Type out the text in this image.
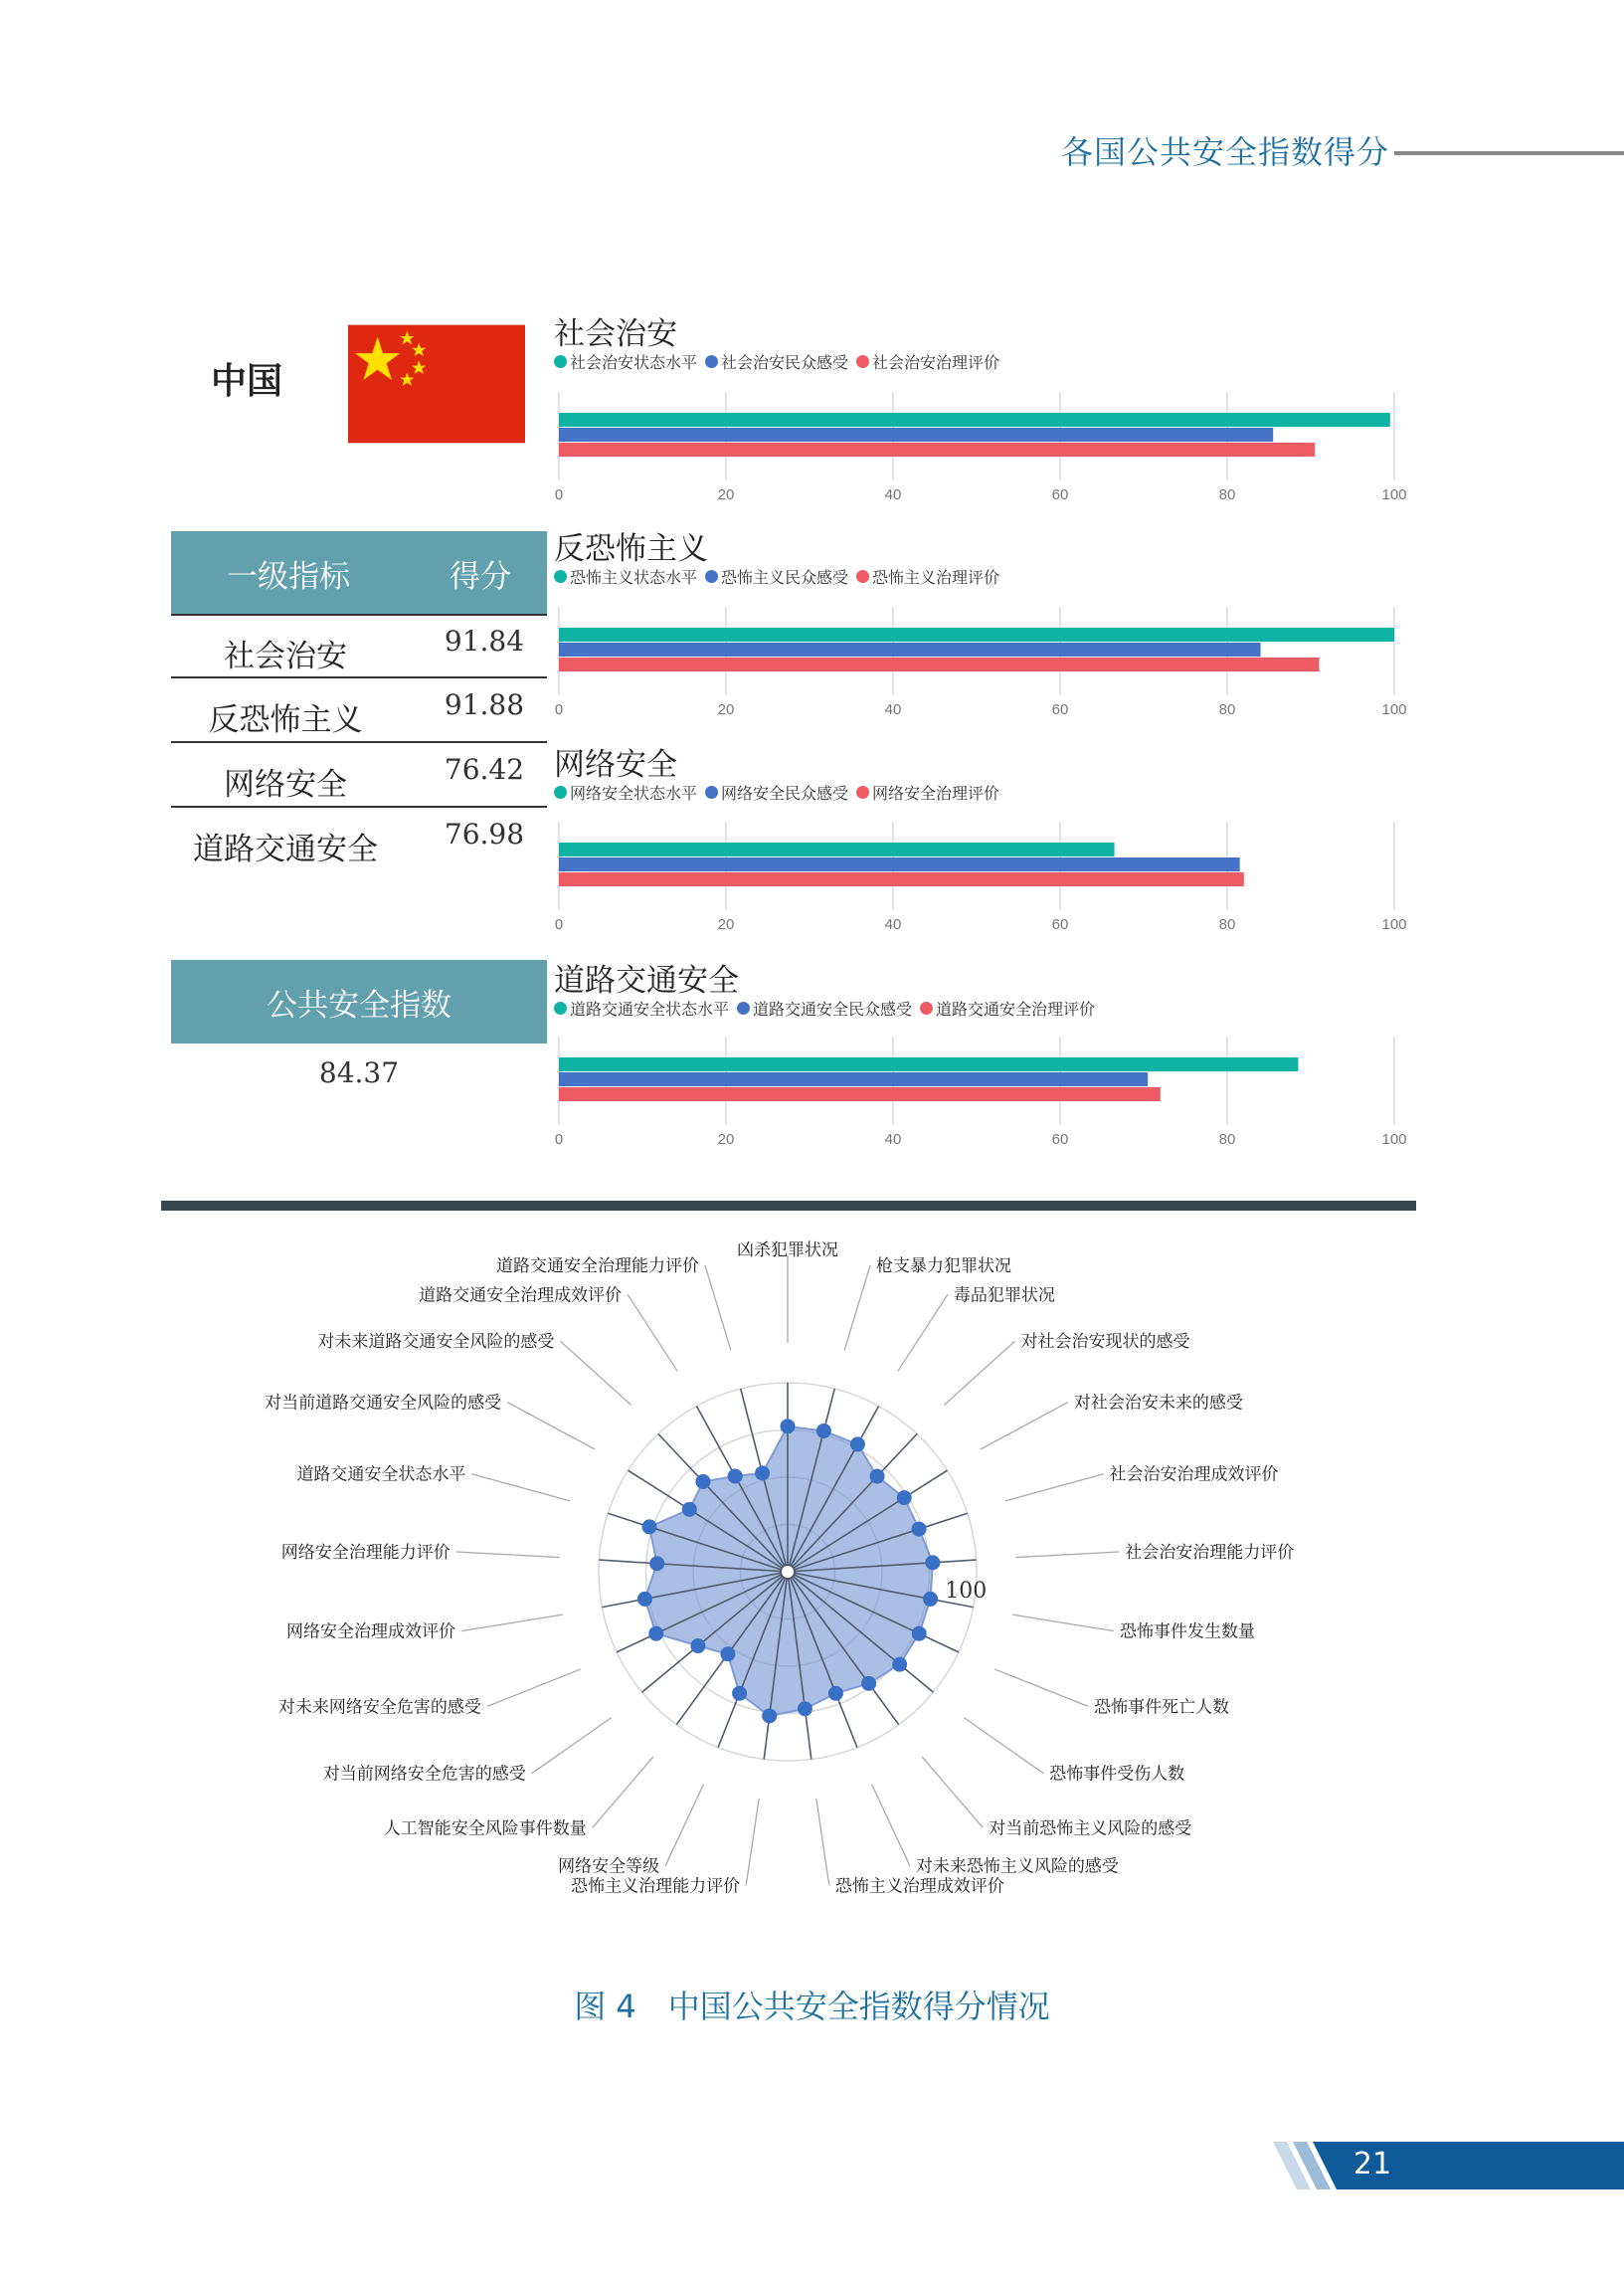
各国公共安全指数得分
中国
一级指标	得分
社会治安	91.84
反恐怖主义	91.88
网络安全	76.42
道路交通安全	76.98
公共安全指数
84.37
社会治安
社会治安状态水平 社会治安民众感受 社会治安治理评价
0	20	40	60	80	100
反恐怖主义
恐怖主义状态水平 恐怖主义民众感受 恐怖主义治理评价
0	20	40	60	80	100
网络安全
网络安全状态水平 网络安全民众感受 网络安全治理评价
0	20	40	60	80	100
道路交通安全
道路交通安全状态水平 道路交通安全民众感受 道路交通安全治理评价
0	20	40	60	80	100
100
凶杀犯罪状况
枪支暴力犯罪状况
毒品犯罪状况
对社会治安现状的感受
对社会治安未来的感受
社会治安治理成效评价
社会治安治理能力评价
恐怖事件发生数量
恐怖事件死亡人数
恐怖事件受伤人数
对当前恐怖主义风险的感受
对未来恐怖主义风险的感受
恐怖主义治理成效评价
恐怖主义治理能力评价
网络安全等级
人工智能安全风险事件数量
对当前网络安全危害的感受
对未来网络安全危害的感受
网络安全治理成效评价
网络安全治理能力评价
道路交通安全状态水平
对当前道路交通安全风险的感受
对未来道路交通安全风险的感受
道路交通安全治理成效评价
道路交通安全治理能力评价
图 4　中国公共安全指数得分情况
21
